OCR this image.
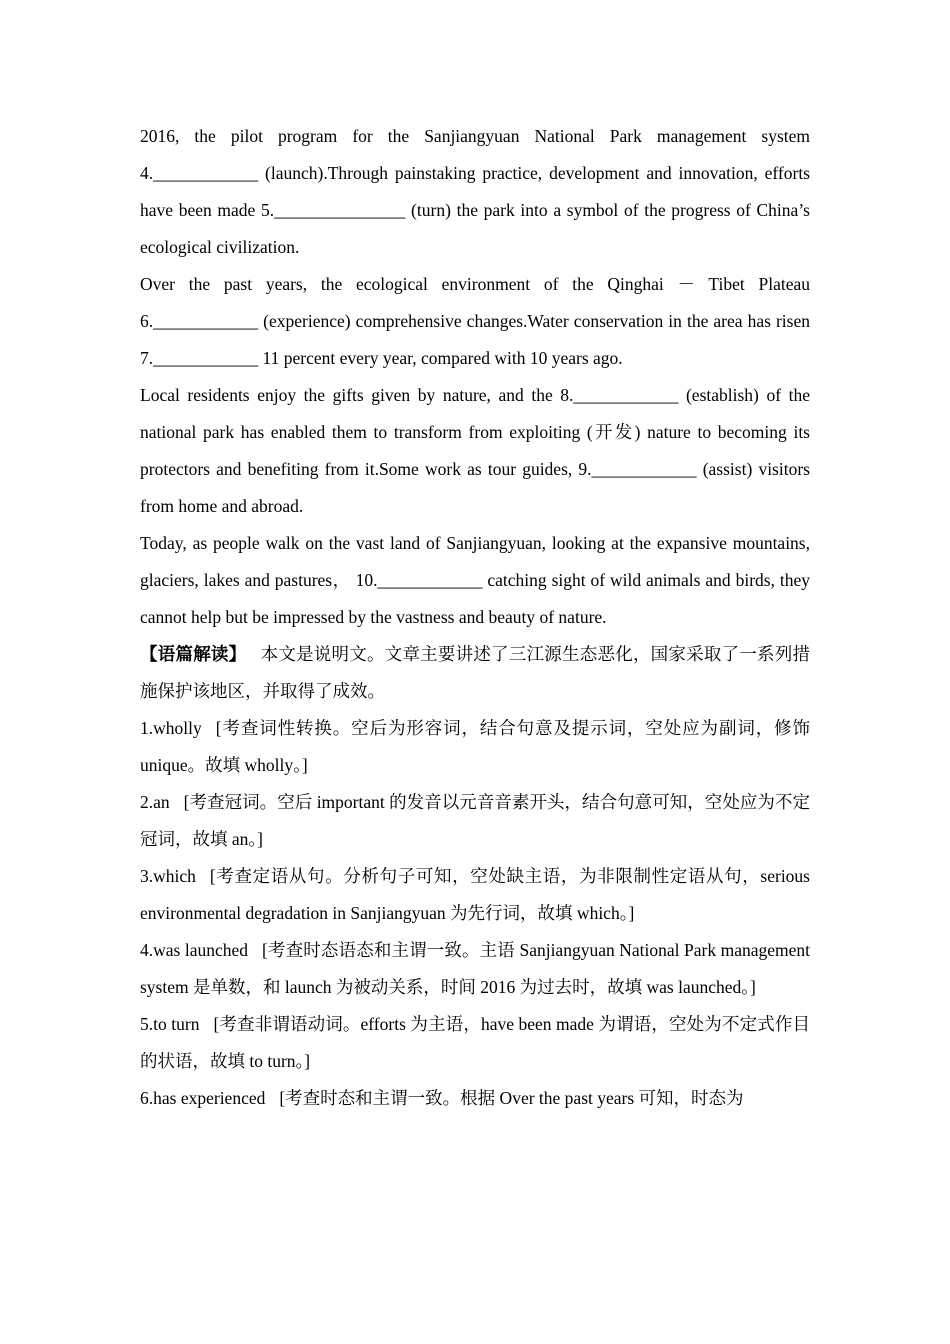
2016, the pilot program for the Sanjiangyuan National Park management system 4.____________ (launch).Through painstaking practice, development and innovation, efforts have been made 5._______________ (turn) the park into a symbol of the progress of China’s ecological civilization.

Over the past years, the ecological environment of the Qinghai － Tibet Plateau 6.____________ (experience) comprehensive changes.Water conservation in the area has risen 7.____________ 11 percent every year, compared with 10 years ago.

Local residents enjoy the gifts given by nature, and the 8.____________ (establish) of the national park has enabled them to transform from exploiting (开发) nature to becoming its protectors and benefiting from it.Some work as tour guides, 9.____________ (assist) visitors from home and abroad.

Today, as people walk on the vast land of Sanjiangyuan, looking at the expansive mountains, glaciers, lakes and pastures， 10.____________ catching sight of wild animals and birds, they cannot help but be impressed by the vastness and beauty of nature.

【语篇解读】 本文是说明文。文章主要讲述了三江源生态恶化，国家采取了一系列措施保护该地区，并取得了成效。

1.wholly [考查词性转换。空后为形容词，结合句意及提示词，空处应为副词，修饰 unique。故填 wholly。]

2.an [考查冠词。空后 important 的发音以元音音素开头，结合句意可知，空处应为不定冠词，故填 an。]

3.which [考查定语从句。分析句子可知，空处缺主语，为非限制性定语从句，serious environmental degradation in Sanjiangyuan 为先行词，故填 which。]

4.was launched [考查时态语态和主谓一致。主语 Sanjiangyuan National Park management system 是单数，和 launch 为被动关系，时间 2016 为过去时，故填 was launched。]

5.to turn [考查非谓语动词。efforts 为主语，have been made 为谓语，空处为不定式作目的状语，故填 to turn。]

6.has experienced [考查时态和主谓一致。根据 Over the past years 可知，时态为
